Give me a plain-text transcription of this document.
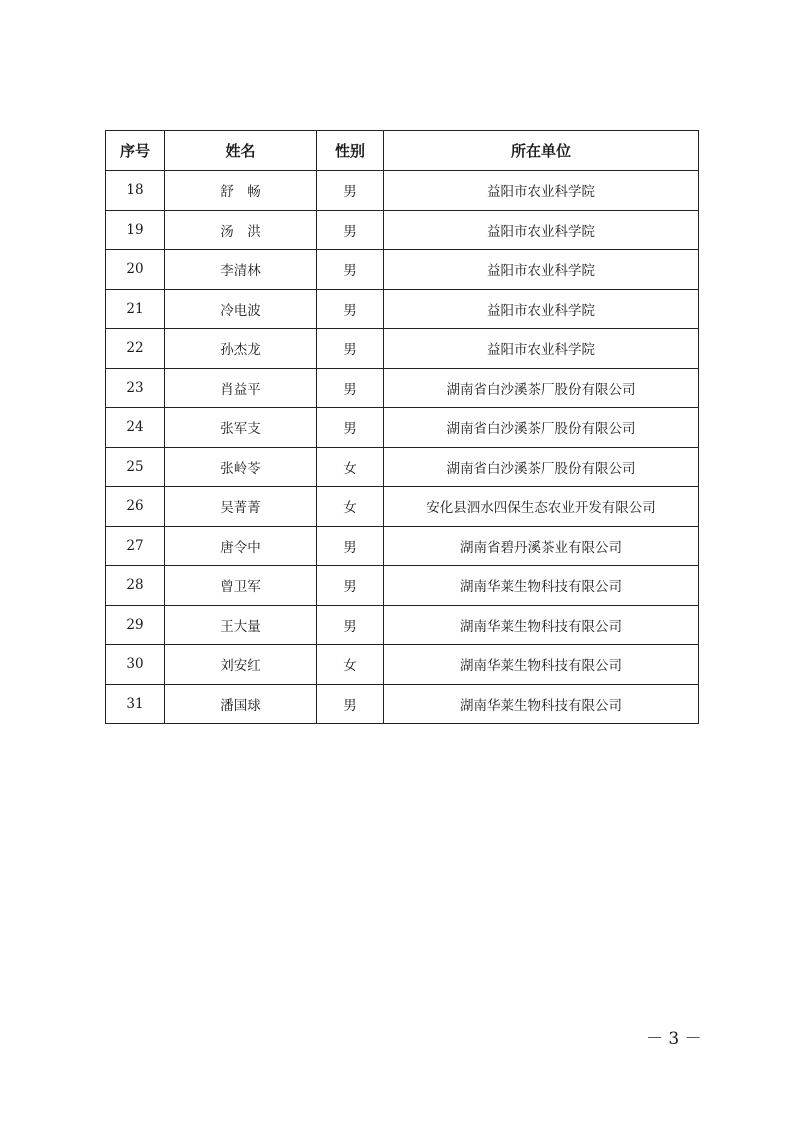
序号	姓名	性别	所在单位
18	舒　畅	男	益阳市农业科学院
19	汤　洪	男	益阳市农业科学院
20	李清林	男	益阳市农业科学院
21	冷电波	男	益阳市农业科学院
22	孙杰龙	男	益阳市农业科学院
23	肖益平	男	湖南省白沙溪茶厂股份有限公司
24	张军支	男	湖南省白沙溪茶厂股份有限公司
25	张岭苓	女	湖南省白沙溪茶厂股份有限公司
26	吴菁菁	女	安化县泗水四保生态农业开发有限公司
27	唐令中	男	湖南省碧丹溪茶业有限公司
28	曾卫军	男	湖南华莱生物科技有限公司
29	王大量	男	湖南华莱生物科技有限公司
30	刘安红	女	湖南华莱生物科技有限公司
31	潘国球	男	湖南华莱生物科技有限公司
－ 3 －
